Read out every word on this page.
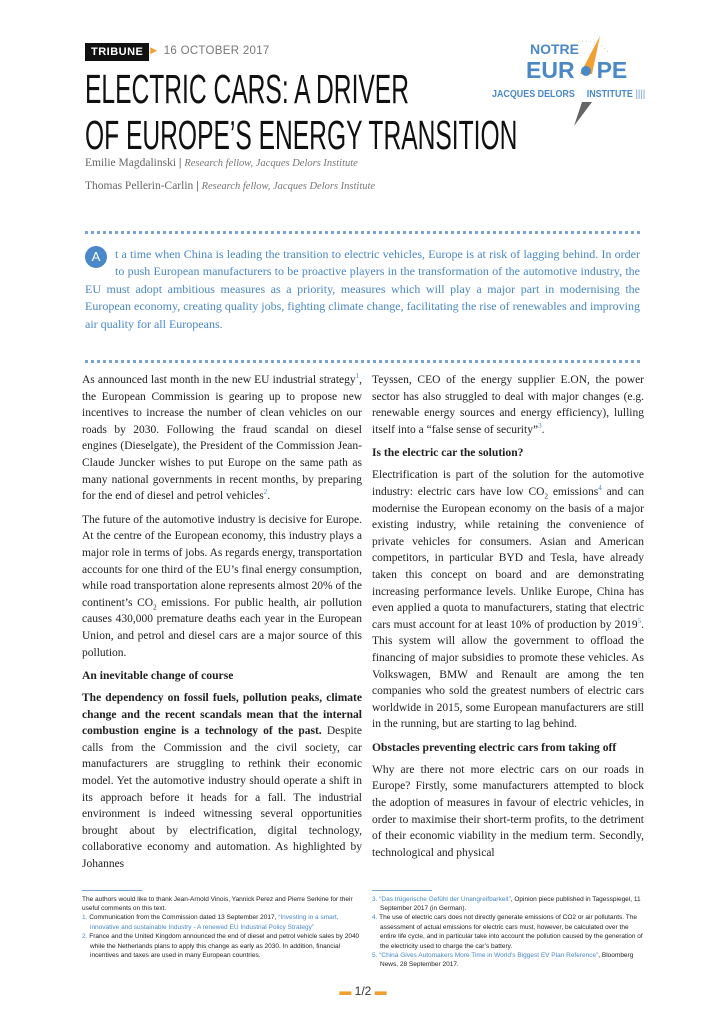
TRIBUNE ► 16 OCTOBER 2017
ELECTRIC CARS: A DRIVER
OF EUROPE’S ENERGY TRANSITION
NOTRE
EUR PE
JACQUES DELORS INSTITUTE ||||
Emilie Magdalinski | Research fellow, Jacques Delors Institute
Thomas Pellerin-Carlin | Research fellow, Jacques Delors Institute
A	t a time when China is leading the transition to electric vehicles, Europe is at risk of lagging behind. In order to push European manufacturers to be proactive players in the transformation of the automotive industry, the EU must adopt ambitious measures as a priority, measures which will play a major part in modernising the European economy, creating quality jobs, fighting climate change, facilitating the rise of renewables and improving air quality for all Europeans.

As announced last month in the new EU industrial strategy$^1$, the European Commission is gearing up to propose new incentives to increase the number of clean vehicles on our roads by 2030. Following the fraud scandal on diesel engines (Dieselgate), the President of the Commission Jean-Claude Juncker wishes to put Europe on the same path as many national governments in recent months, by preparing for the end of diesel and petrol vehicles$^2$.

The future of the automotive industry is decisive for Europe. At the centre of the European economy, this industry plays a major role in terms of jobs. As regards energy, transportation accounts for one third of the EU’s final energy consumption, while road transportation alone represents almost 20% of the continent’s $CO_2$ emissions. For public health, air pollution causes 430,000 premature deaths each year in the European Union, and petrol and diesel cars are a major source of this pollution.

An inevitable change of course

The dependency on fossil fuels, pollution peaks, climate change and the recent scandals mean that the internal combustion engine is a technology of the past. Despite calls from the Commission and the civil society, car manufacturers are struggling to rethink their economic model. Yet the automotive industry should operate a shift in its approach before it heads for a fall. The industrial environment is indeed witnessing several opportunities brought about by electrification, digital technology, collaborative economy and automation. As highlighted by Johannes

Teyssen, CEO of the energy supplier E.ON, the power sector has also struggled to deal with major changes (e.g. renewable energy sources and energy efficiency), lulling itself into a “false sense of security”$^3$.

Is the electric car the solution?

Electrification is part of the solution for the automotive industry: electric cars have low $CO_2$ emissions$^4$ and can modernise the European economy on the basis of a major existing industry, while retaining the convenience of private vehicles for consumers. Asian and American competitors, in particular BYD and Tesla, have already taken this concept on board and are demonstrating increasing performance levels. Unlike Europe, China has even applied a quota to manufacturers, stating that electric cars must account for at least 10% of production by 2019$^5$. This system will allow the government to offload the financing of major subsidies to promote these vehicles. As Volkswagen, BMW and Renault are among the ten companies who sold the greatest numbers of electric cars worldwide in 2015, some European manufacturers are still in the running, but are starting to lag behind.

Obstacles preventing electric cars from taking off

Why are there not more electric cars on our roads in Europe? Firstly, some manufacturers attempted to block the adoption of measures in favour of electric vehicles, in order to maximise their short-term profits, to the detriment of their economic viability in the medium term. Secondly, technological and physical

The authors would like to thank Jean-Arnold Vinois, Yannick Perez and Pierre Serkine for their useful comments on this text.

1. Communication from the Commission dated 13 September 2017, “Investing in a smart, innovative and sustainable Industry - A renewed EU Industrial Policy Strategy”

2. France and the United Kingdom announced the end of diesel and petrol vehicle sales by 2040 while the Netherlands plans to apply this change as early as 2030. In addition, financial incentives and taxes are used in many European countries.

3. “Das trügerische Gefühl der Unangreifbarkeit”, Opinion piece published in Tagesspiegel, 11 September 2017 (in German).

4. The use of electric cars does not directly generate emissions of CO2 or air pollutants. The assessment of actual emissions for electric cars must, however, be calculated over the entire life cycle, and in particular take into account the pollution caused by the generation of the electricity used to charge the car’s battery.

5. “China Gives Automakers More Time in World’s Biggest EV Plan Reference”, Bloomberg News, 28 September 2017.

▬ 1/2 ▬
